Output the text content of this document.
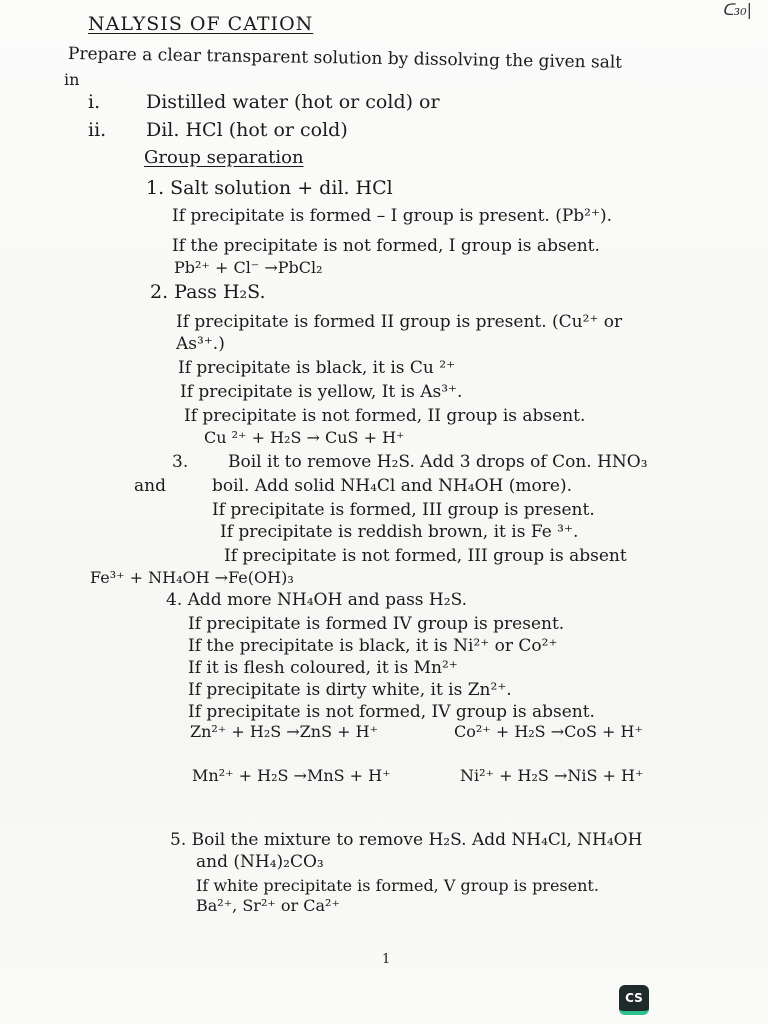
ᑕ₃₀|
NALYSIS OF CATION
Prepare a clear transparent solution by dissolving the given salt
in
i. Distilled water (hot or cold) or
ii. Dil. HCl (hot or cold)
Group separation
1. Salt solution + dil. HCl
If precipitate is formed – I group is present. (Pb²⁺).
If the precipitate is not formed, I group is absent.
Pb²⁺ + Cl⁻ →PbCl₂
2. Pass H₂S.
If precipitate is formed II group is present. (Cu²⁺ or
As³⁺.)
If precipitate is black, it is Cu ²⁺
If precipitate is yellow, It is As³⁺.
If precipitate is not formed, II group is absent.
Cu ²⁺ + H₂S → CuS + H⁺
3. Boil it to remove H₂S. Add 3 drops of Con. HNO₃
and	boil. Add solid NH₄Cl and NH₄OH (more).
If precipitate is formed, III group is present.
If precipitate is reddish brown, it is Fe ³⁺.
If precipitate is not formed, III group is absent
Fe³⁺ + NH₄OH →Fe(OH)₃
4. Add more NH₄OH and pass H₂S.
If precipitate is formed IV group is present.
If the precipitate is black, it is Ni²⁺ or Co²⁺
If it is flesh coloured, it is Mn²⁺
If precipitate is dirty white, it is Zn²⁺.
If precipitate is not formed, IV group is absent.
Zn²⁺ + H₂S →ZnS + H⁺	Co²⁺ + H₂S →CoS + H⁺
Mn²⁺ + H₂S →MnS + H⁺	Ni²⁺ + H₂S →NiS + H⁺
5. Boil the mixture to remove H₂S. Add NH₄Cl, NH₄OH
and (NH₄)₂CO₃
If white precipitate is formed, V group is present.
Ba²⁺, Sr²⁺ or Ca²⁺
1
CS
